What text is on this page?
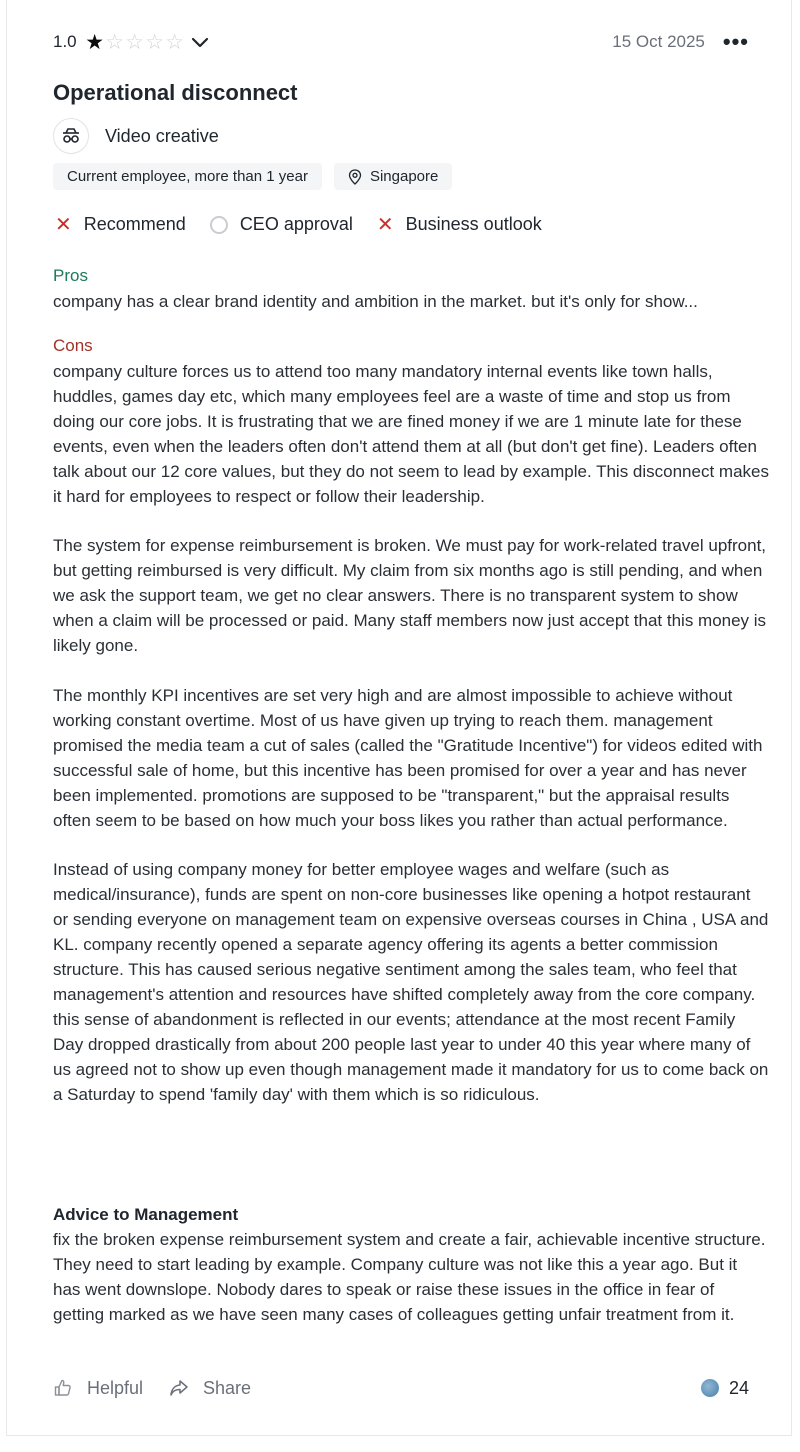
1.0 ★ ☆ ☆ ☆ ☆	15 Oct 2025 •••
Operational disconnect
Video creative
Current employee, more than 1 year	Singapore
✕ Recommend	CEO approval ✕ Business outlook
Pros
company has a clear brand identity and ambition in the market. but it's only for show...
Cons

company culture forces us to attend too many mandatory internal events like town halls, huddles, games day etc, which many employees feel are a waste of time and stop us from doing our core jobs. It is frustrating that we are fined money if we are 1 minute late for these events, even when the leaders often don't attend them at all (but don't get fine). Leaders often talk about our 12 core values, but they do not seem to lead by example. This disconnect makes it hard for employees to respect or follow their leadership.

The system for expense reimbursement is broken. We must pay for work-related travel upfront, but getting reimbursed is very difficult. My claim from six months ago is still pending, and when we ask the support team, we get no clear answers. There is no transparent system to show when a claim will be processed or paid. Many staff members now just accept that this money is likely gone.

The monthly KPI incentives are set very high and are almost impossible to achieve without working constant overtime. Most of us have given up trying to reach them. management promised the media team a cut of sales (called the "Gratitude Incentive") for videos edited with successful sale of home, but this incentive has been promised for over a year and has never been implemented. promotions are supposed to be "transparent," but the appraisal results often seem to be based on how much your boss likes you rather than actual performance.

Instead of using company money for better employee wages and welfare (such as medical/insurance), funds are spent on non-core businesses like opening a hotpot restaurant or sending everyone on management team on expensive overseas courses in China , USA and KL. company recently opened a separate agency offering its agents a better commission structure. This has caused serious negative sentiment among the sales team, who feel that management's attention and resources have shifted completely away from the core company. this sense of abandonment is reflected in our events; attendance at the most recent Family Day dropped drastically from about 200 people last year to under 40 this year where many of us agreed not to show up even though management made it mandatory for us to come back on a Saturday to spend 'family day' with them which is so ridiculous.

Advice to Management
fix the broken expense reimbursement system and create a fair, achievable incentive structure. They need to start leading by example. Company culture was not like this a year ago. But it has went downslope. Nobody dares to speak or raise these issues in the office in fear of getting marked as we have seen many cases of colleagues getting unfair treatment from it.
Helpful	Share	24
